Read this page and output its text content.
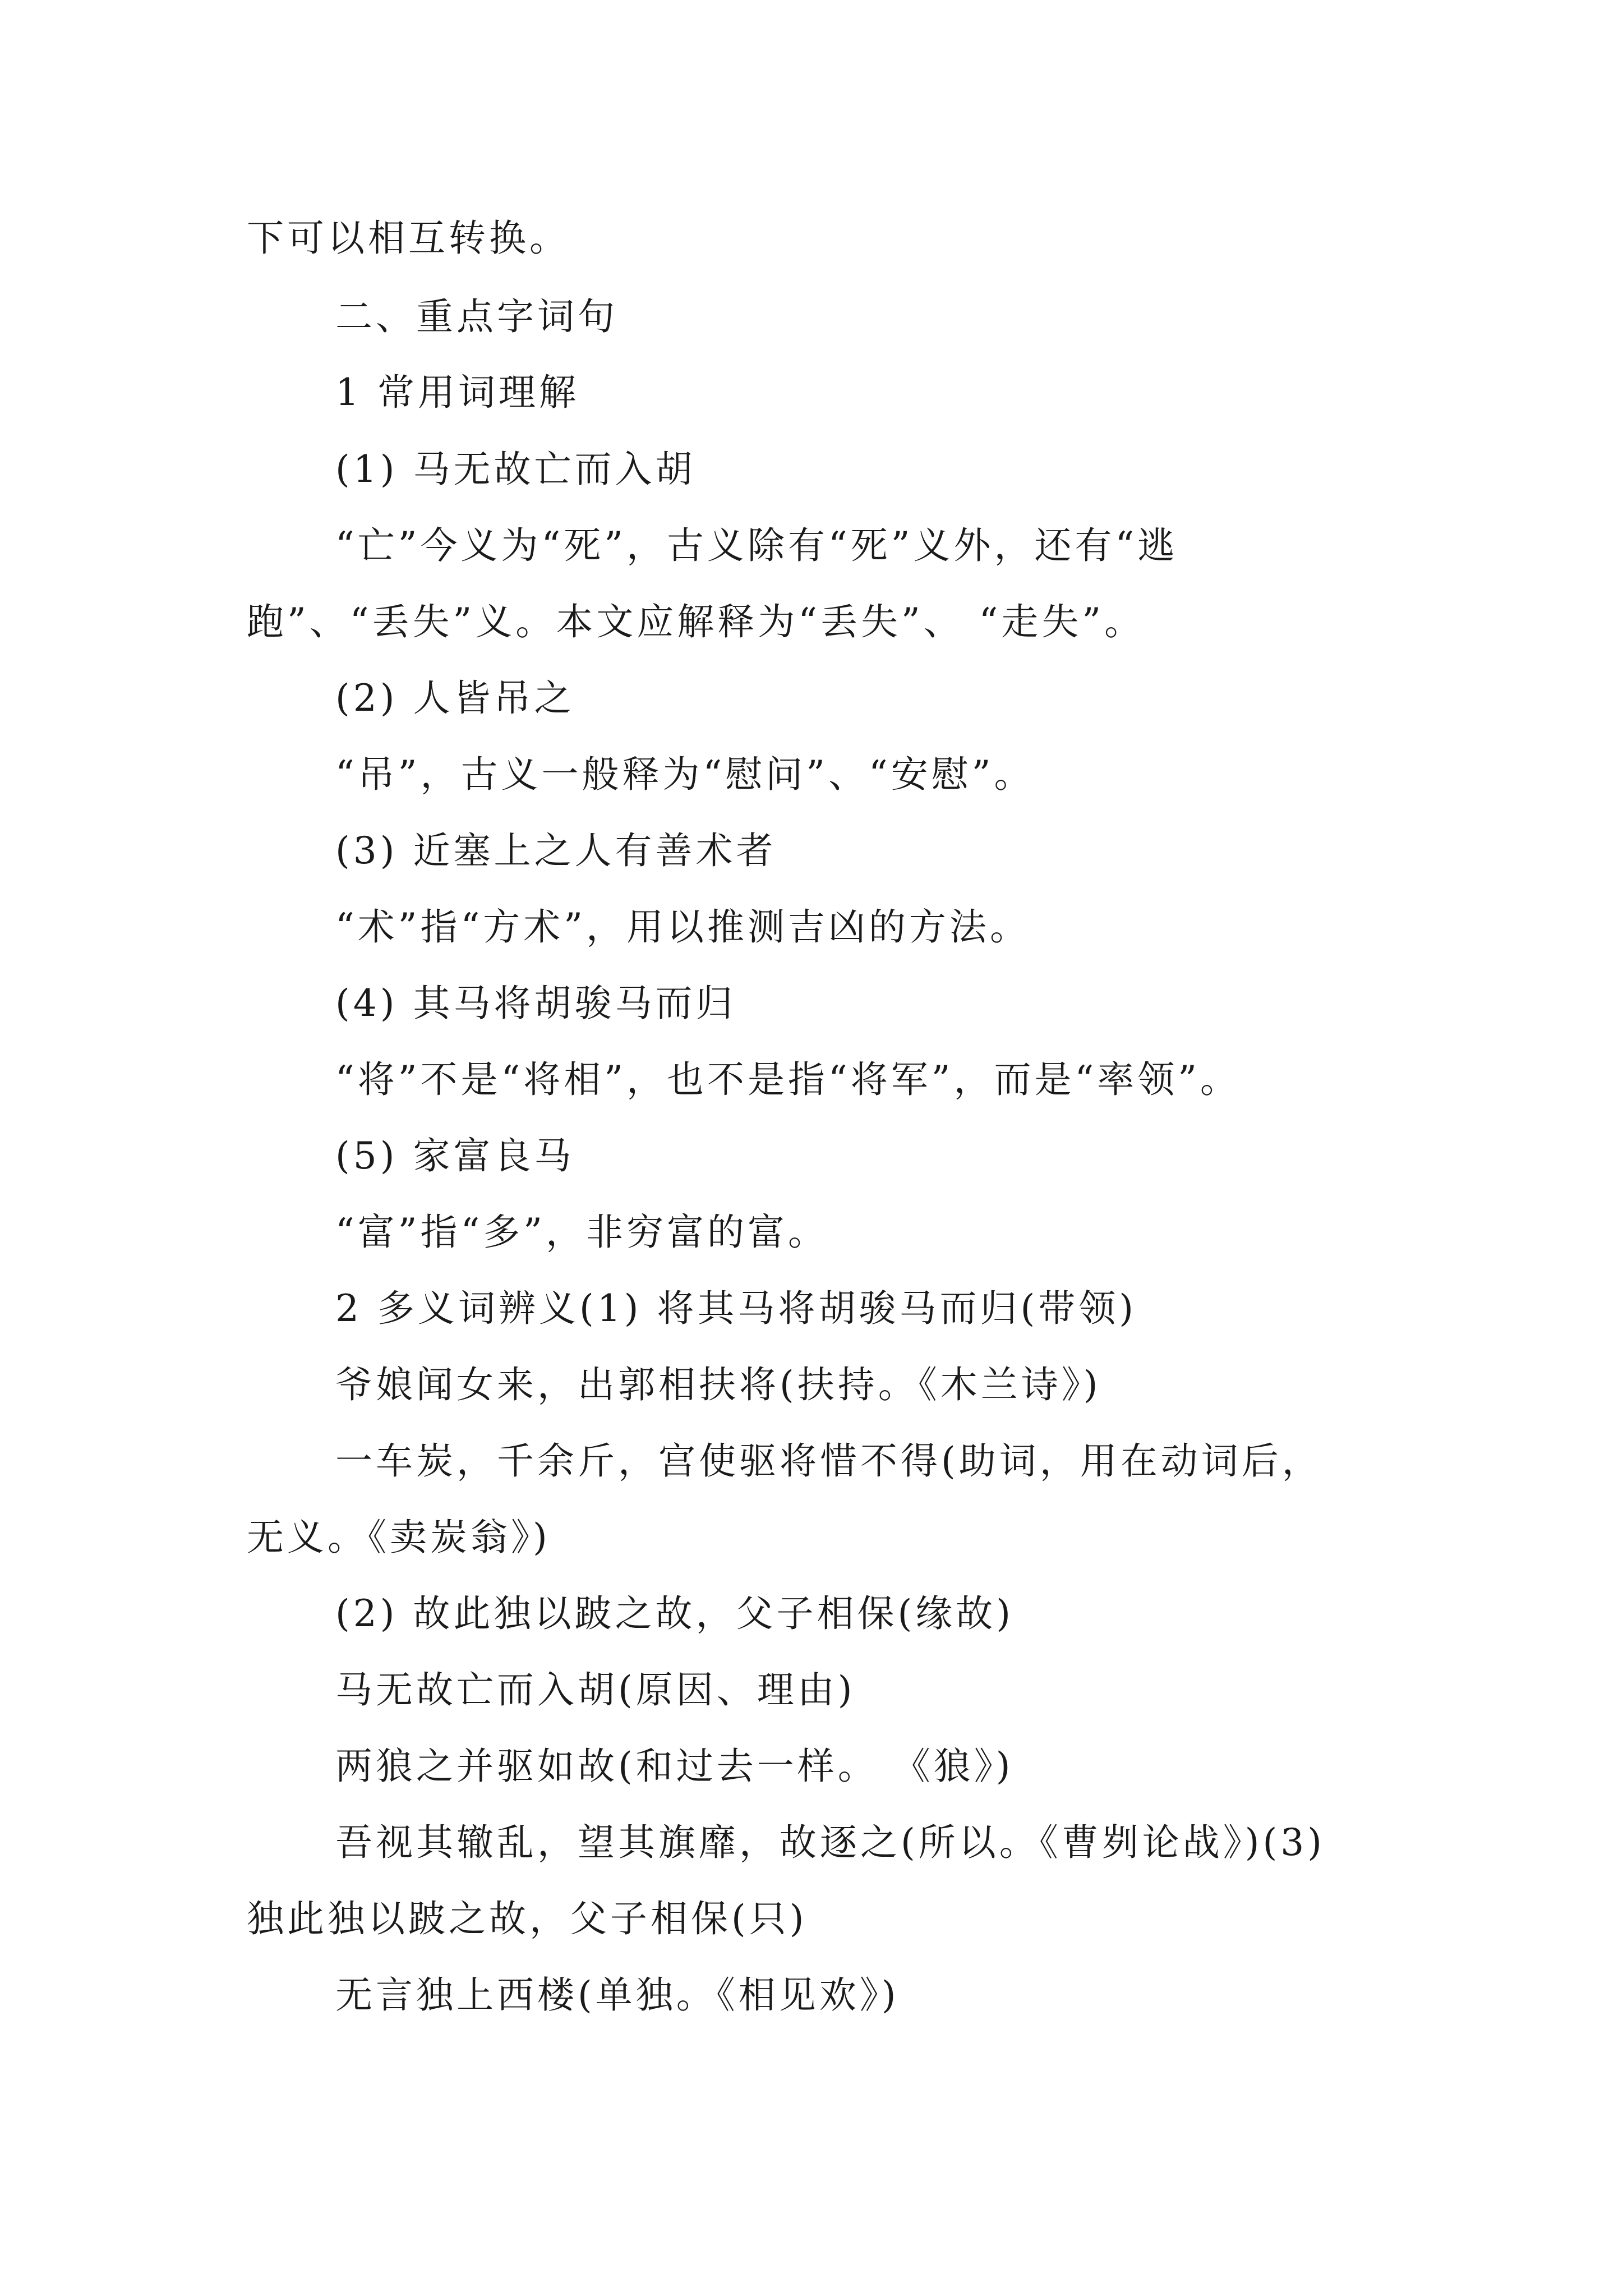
下可以相互转换。
二、重点字词句
1 常用词理解
(1) 马无故亡而入胡
“亡”今义为“死”，古义除有“死”义外，还有“逃
跑”、“丢失”义。本文应解释为“丢失”、 “走失”。
(2) 人皆吊之
“吊”，古义一般释为“慰问”、“安慰”。
(3) 近塞上之人有善术者
“术”指“方术”，用以推测吉凶的方法。
(4) 其马将胡骏马而归
“将”不是“将相”，也不是指“将军”，而是“率领”。
(5) 家富良马
“富”指“多”，非穷富的富。
2 多义词辨义(1) 将其马将胡骏马而归(带领)
爷娘闻女来，出郭相扶将(扶持。《木兰诗》)
一车炭，千余斤，宫使驱将惜不得(助词，用在动词后，
无义。《卖炭翁》)
(2) 故此独以跛之故，父子相保(缘故)
马无故亡而入胡(原因、理由)
两狼之并驱如故(和过去一样。 《狼》)
吾视其辙乱，望其旗靡，故逐之(所以。《曹刿论战》)(3)
独此独以跛之故，父子相保(只)
无言独上西楼(单独。《相见欢》)
